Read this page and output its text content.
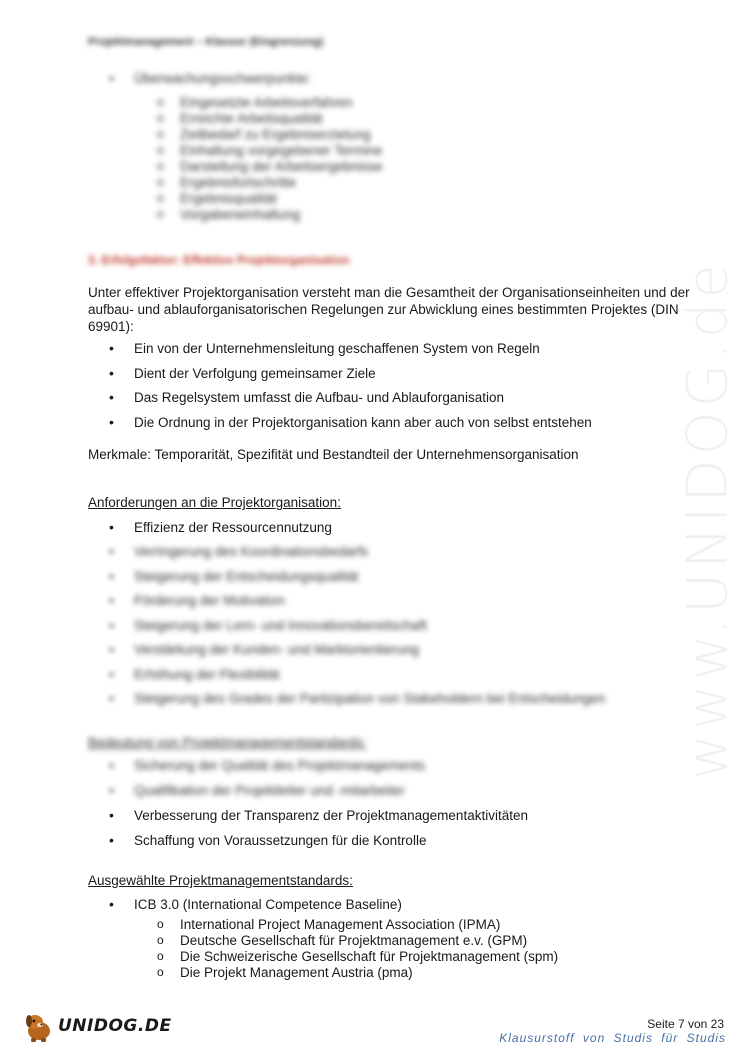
www.UNIDOG.de
Projektmanagement – Klausur (Eingrenzung)
• Überwachungsschwerpunkte:
o Eingesetzte Arbeitsverfahren
o Erreichte Arbeitsqualität
o Zeitbedarf zu Ergebniserzielung
o Einhaltung vorgegebener Termine
o Darstellung der Arbeitsergebnisse
o Ergebnisfortschritte
o Ergebnisqualität
o Vorgabeneinhaltung
3. Erfolgsfaktor: Effektive Projektorganisation
Unter effektiver Projektorganisation versteht man die Gesamtheit der Organisationseinheiten und der aufbau- und ablauforganisatorischen Regelungen zur Abwicklung eines bestimmten Projektes (DIN 69901):
• Ein von der Unternehmensleitung geschaffenen System von Regeln
• Dient der Verfolgung gemeinsamer Ziele
• Das Regelsystem umfasst die Aufbau- und Ablauforganisation
• Die Ordnung in der Projektorganisation kann aber auch von selbst entstehen
Merkmale: Temporarität, Spezifität und Bestandteil der Unternehmensorganisation
Anforderungen an die Projektorganisation:
• Effizienz der Ressourcennutzung
• Verringerung des Koordinationsbedarfs
• Steigerung der Entscheidungsqualität
• Förderung der Motivation
• Steigerung der Lern- und Innovationsbereitschaft
• Verstärkung der Kunden- und Marktorientierung
• Erhöhung der Flexibilität
• Steigerung des Grades der Partizipation von Stakeholdern bei Entscheidungen
Bedeutung von Projektmanagementstandards:
• Sicherung der Qualität des Projektmanagements
• Qualifikation der Projektleiter und -mitarbeiter
• Verbesserung der Transparenz der Projektmanagementaktivitäten
• Schaffung von Voraussetzungen für die Kontrolle
Ausgewählte Projektmanagementstandards:
• ICB 3.0 (International Competence Baseline)
o International Project Management Association (IPMA)
o Deutsche Gesellschaft für Projektmanagement e.v. (GPM)
o Die Schweizerische Gesellschaft für Projektmanagement (spm)
o Die Projekt Management Austria (pma)
UNIDOG.DE	Seite 7 von 23
Klausurstoff von Studis für Studis
